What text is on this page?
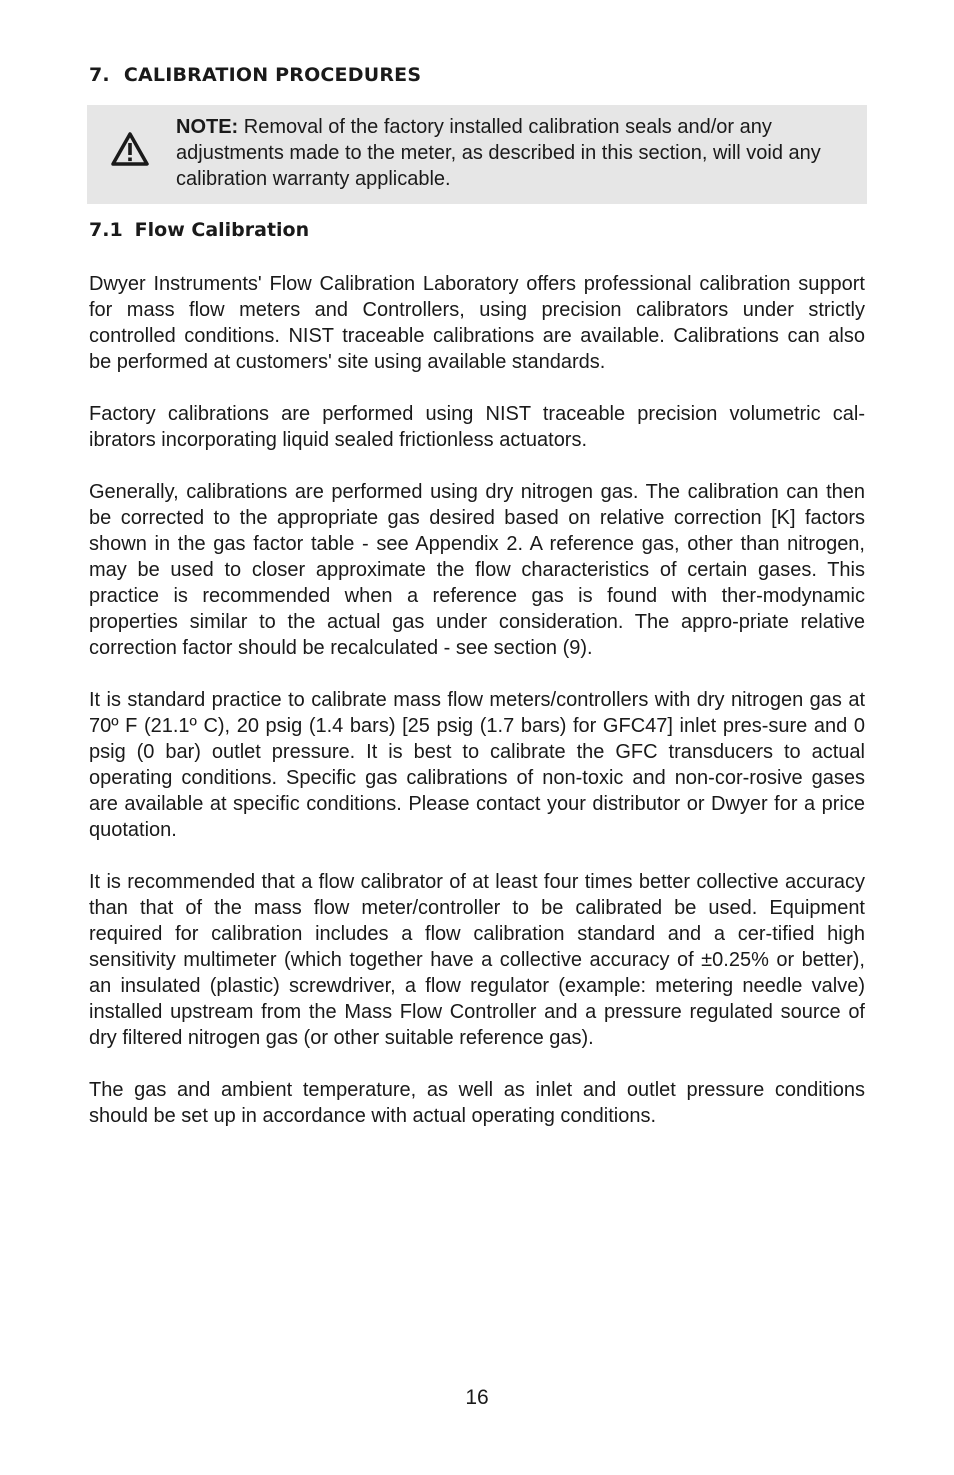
7. CALIBRATION PROCEDURES

NOTE: Removal of the factory installed calibration seals and/or any adjustments made to the meter, as described in this section, will void any calibration warranty applicable.

7.1 Flow Calibration

Dwyer Instruments' Flow Calibration Laboratory offers professional calibration support for mass flow meters and Controllers, using precision calibrators under strictly controlled conditions. NIST traceable calibrations are available. Calibrations can also be performed at customers' site using available standards.

Factory calibrations are performed using NIST traceable precision volumetric cal-ibrators incorporating liquid sealed frictionless actuators.

Generally, calibrations are performed using dry nitrogen gas. The calibration can then be corrected to the appropriate gas desired based on relative correction [K] factors shown in the gas factor table - see Appendix 2. A reference gas, other than nitrogen, may be used to closer approximate the flow characteristics of certain gases. This practice is recommended when a reference gas is found with ther-modynamic properties similar to the actual gas under consideration. The appro-priate relative correction factor should be recalculated - see section (9).

It is standard practice to calibrate mass flow meters/controllers with dry nitrogen gas at 70º F (21.1º C), 20 psig (1.4 bars) [25 psig (1.7 bars) for GFC47] inlet pres-sure and 0 psig (0 bar) outlet pressure. It is best to calibrate the GFC transducers to actual operating conditions. Specific gas calibrations of non-toxic and non-cor-rosive gases are available at specific conditions. Please contact your distributor or Dwyer for a price quotation.

It is recommended that a flow calibrator of at least four times better collective accuracy than that of the mass flow meter/controller to be calibrated be used. Equipment required for calibration includes a flow calibration standard and a cer-tified high sensitivity multimeter (which together have a collective accuracy of ±0.25% or better), an insulated (plastic) screwdriver, a flow regulator (example: metering needle valve) installed upstream from the Mass Flow Controller and a pressure regulated source of dry filtered nitrogen gas (or other suitable reference gas).

The gas and ambient temperature, as well as inlet and outlet pressure conditions should be set up in accordance with actual operating conditions.

16
